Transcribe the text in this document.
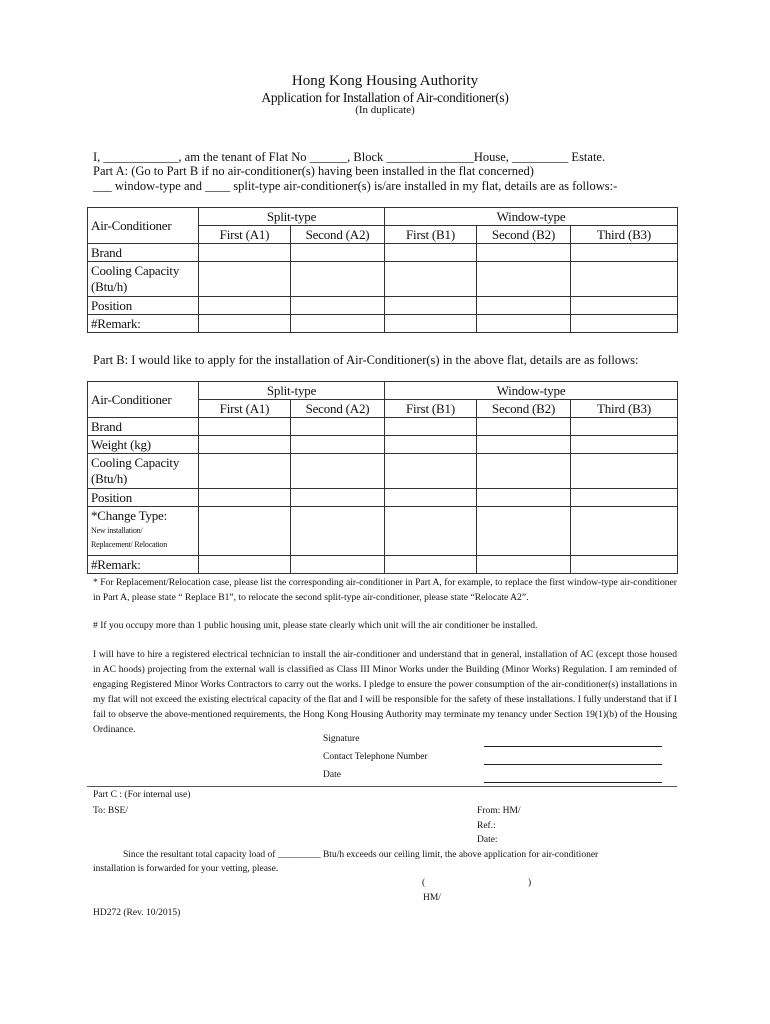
Hong Kong Housing Authority
Application for Installation of Air-conditioner(s)
(In duplicate)
I, ____________, am the tenant of Flat No ______, Block ______________House, _________ Estate.
Part A: (Go to Part B if no air-conditioner(s) having been installed in the flat concerned)
___ window-type and ____ split-type air-conditioner(s) is/are installed in my flat, details are as follows:-
Air-Conditioner	Split-type		Window-type		
	First (A1)	Second (A2)	First (B1)	Second (B2)	Third (B3)
Brand					
Cooling Capacity
(Btu/h)					
Position					
#Remark:					
Part B: I would like to apply for the installation of Air-Conditioner(s) in the above flat, details are as follows:
Air-Conditioner	Split-type		Window-type		
	First (A1)	Second (A2)	First (B1)	Second (B2)	Third (B3)
Brand					
Weight (kg)					
Cooling Capacity
(Btu/h)					
Position					

*Change Type:
New installation/
Replacement/ Relocation					

#Remark:					
* For Replacement/Relocation case, please list the corresponding air-conditioner in Part A, for example, to replace the first window-type air-conditioner in Part A, please state “ Replace B1”, to relocate the second split-type air-conditioner, please state “Relocate A2”.
# If you occupy more than 1 public housing unit, please state clearly which unit will the air conditioner be installed.
I will have to hire a registered electrical technician to install the air-conditioner and understand that in general, installation of AC (except those housed in AC hoods) projecting from the external wall is classified as Class III Minor Works under the Building (Minor Works) Regulation. I am reminded of engaging Registered Minor Works Contractors to carry out the works. I pledge to ensure the power consumption of the air-conditioner(s) installations in my flat will not exceed the existing electrical capacity of the flat and I will be responsible for the safety of these installations. I fully understand that if I fail to observe the above-mentioned requirements, the Hong Kong Housing Authority may terminate my tenancy under Section 19(1)(b) of the Housing Ordinance.
Signature
Contact Telephone Number
Date
Part C : (For internal use)
To: BSE/	From: HM/
Ref.:
Date:
Since the resultant total capacity load of _________ Btu/h exceeds our ceiling limit, the above application for air-conditioner
installation is forwarded for your vetting, please.
(	)
HM/
HD272 (Rev. 10/2015)
